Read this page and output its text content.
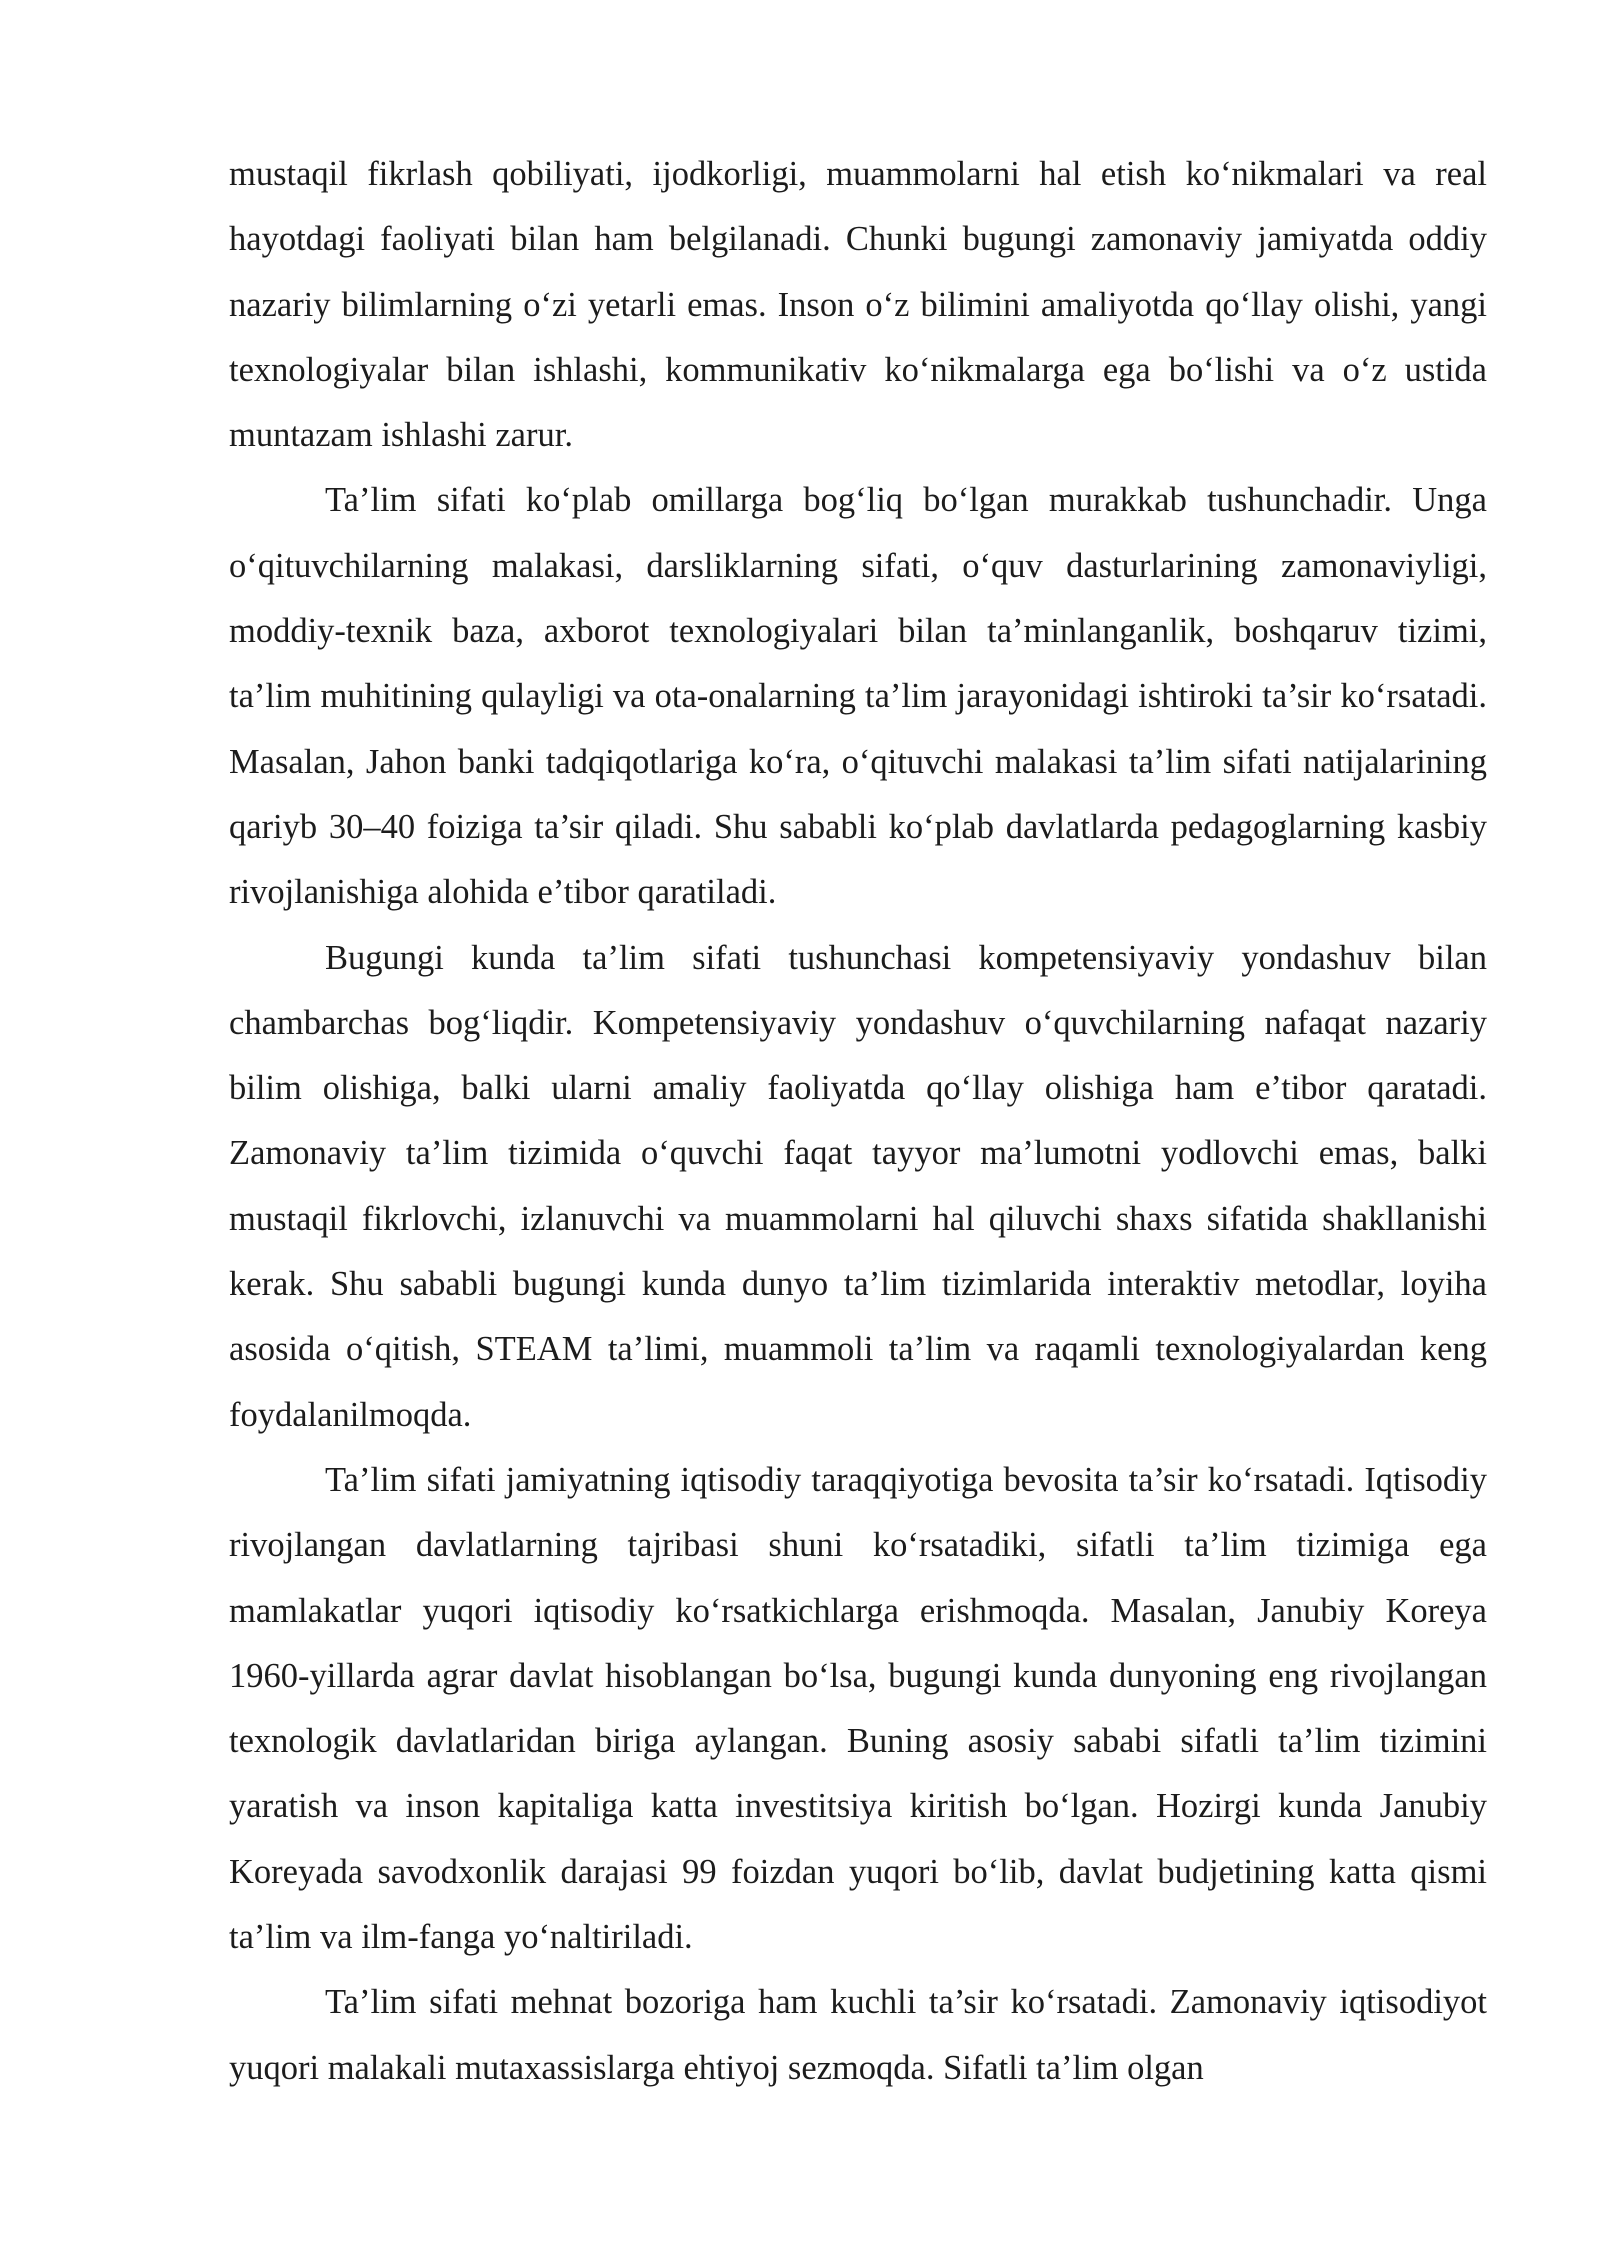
mustaqil fikrlash qobiliyati, ijodkorligi, muammolarni hal etish ko‘nikmalari va real hayotdagi faoliyati bilan ham belgilanadi. Chunki bugungi zamonaviy jamiyatda oddiy nazariy bilimlarning o‘zi yetarli emas. Inson o‘z bilimini amaliyotda qo‘llay olishi, yangi texnologiyalar bilan ishlashi, kommunikativ ko‘nikmalarga ega bo‘lishi va o‘z ustida muntazam ishlashi zarur.

Ta’lim sifati ko‘plab omillarga bog‘liq bo‘lgan murakkab tushunchadir. Unga o‘qituvchilarning malakasi, darsliklarning sifati, o‘quv dasturlarining zamonaviyligi, moddiy-texnik baza, axborot texnologiyalari bilan ta’minlanganlik, boshqaruv tizimi, ta’lim muhitining qulayligi va ota-onalarning ta’lim jarayonidagi ishtiroki ta’sir ko‘rsatadi. Masalan, Jahon banki tadqiqotlariga ko‘ra, o‘qituvchi malakasi ta’lim sifati natijalarining qariyb 30–40 foiziga ta’sir qiladi. Shu sababli ko‘plab davlatlarda pedagoglarning kasbiy rivojlanishiga alohida e’tibor qaratiladi.

Bugungi kunda ta’lim sifati tushunchasi kompetensiyaviy yondashuv bilan chambarchas bog‘liqdir. Kompetensiyaviy yondashuv o‘quvchilarning nafaqat nazariy bilim olishiga, balki ularni amaliy faoliyatda qo‘llay olishiga ham e’tibor qaratadi. Zamonaviy ta’lim tizimida o‘quvchi faqat tayyor ma’lumotni yodlovchi emas, balki mustaqil fikrlovchi, izlanuvchi va muammolarni hal qiluvchi shaxs sifatida shakllanishi kerak. Shu sababli bugungi kunda dunyo ta’lim tizimlarida interaktiv metodlar, loyiha asosida o‘qitish, STEAM ta’limi, muammoli ta’lim va raqamli texnologiyalardan keng foydalanilmoqda.

Ta’lim sifati jamiyatning iqtisodiy taraqqiyotiga bevosita ta’sir ko‘rsatadi. Iqtisodiy rivojlangan davlatlarning tajribasi shuni ko‘rsatadiki, sifatli ta’lim tizimiga ega mamlakatlar yuqori iqtisodiy ko‘rsatkichlarga erishmoqda. Masalan, Janubiy Koreya 1960-yillarda agrar davlat hisoblangan bo‘lsa, bugungi kunda dunyoning eng rivojlangan texnologik davlatlaridan biriga aylangan. Buning asosiy sababi sifatli ta’lim tizimini yaratish va inson kapitaliga katta investitsiya kiritish bo‘lgan. Hozirgi kunda Janubiy Koreyada savodxonlik darajasi 99 foizdan yuqori bo‘lib, davlat budjetining katta qismi ta’lim va ilm-fanga yo‘naltiriladi.

Ta’lim sifati mehnat bozoriga ham kuchli ta’sir ko‘rsatadi. Zamonaviy iqtisodiyot yuqori malakali mutaxassislarga ehtiyoj sezmoqda. Sifatli ta’lim olgan
